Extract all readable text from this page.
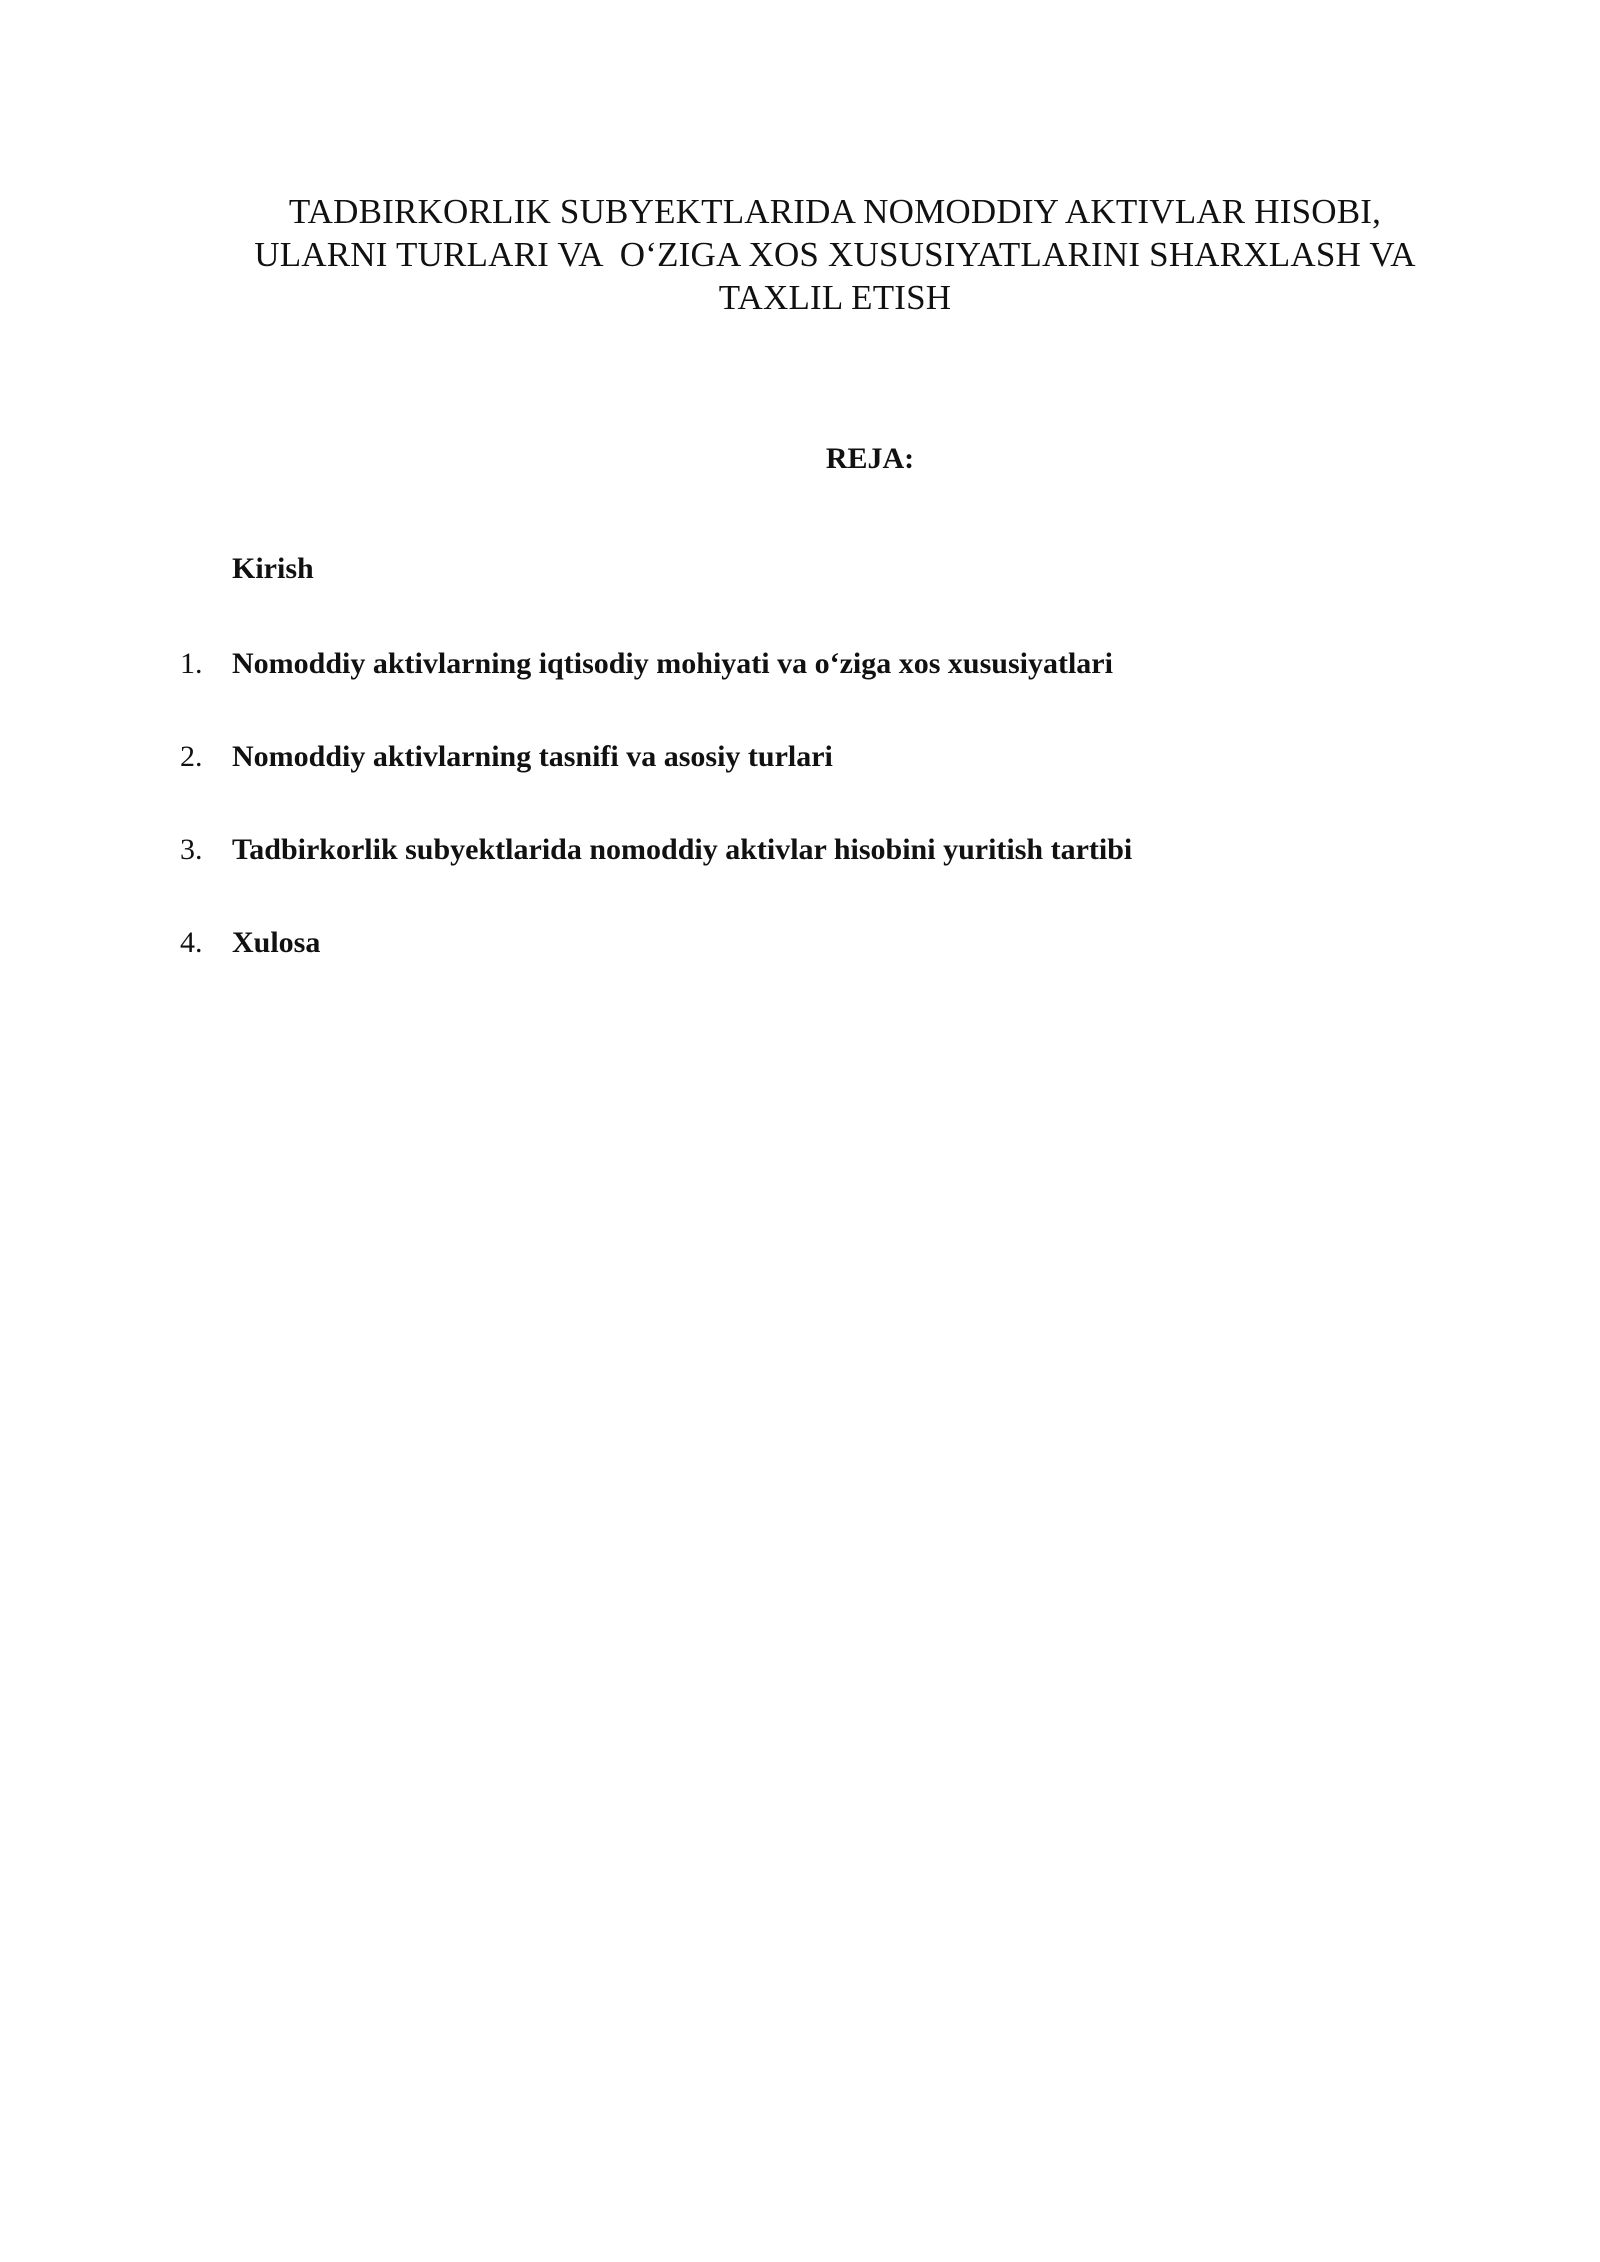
TADBIRKORLIK SUBYEKTLARIDA NOMODDIY AKTIVLAR HISOBI,
ULARNI TURLARI VA  O‘ZIGA XOS XUSUSIYATLARINI SHARXLASH VA
TAXLIL ETISH
REJA:
Kirish
1. Nomoddiy aktivlarning iqtisodiy mohiyati va o‘ziga xos xususiyatlari
2. Nomoddiy aktivlarning tasnifi va asosiy turlari
3. Tadbirkorlik subyektlarida nomoddiy aktivlar hisobini yuritish tartibi
4. Xulosa
